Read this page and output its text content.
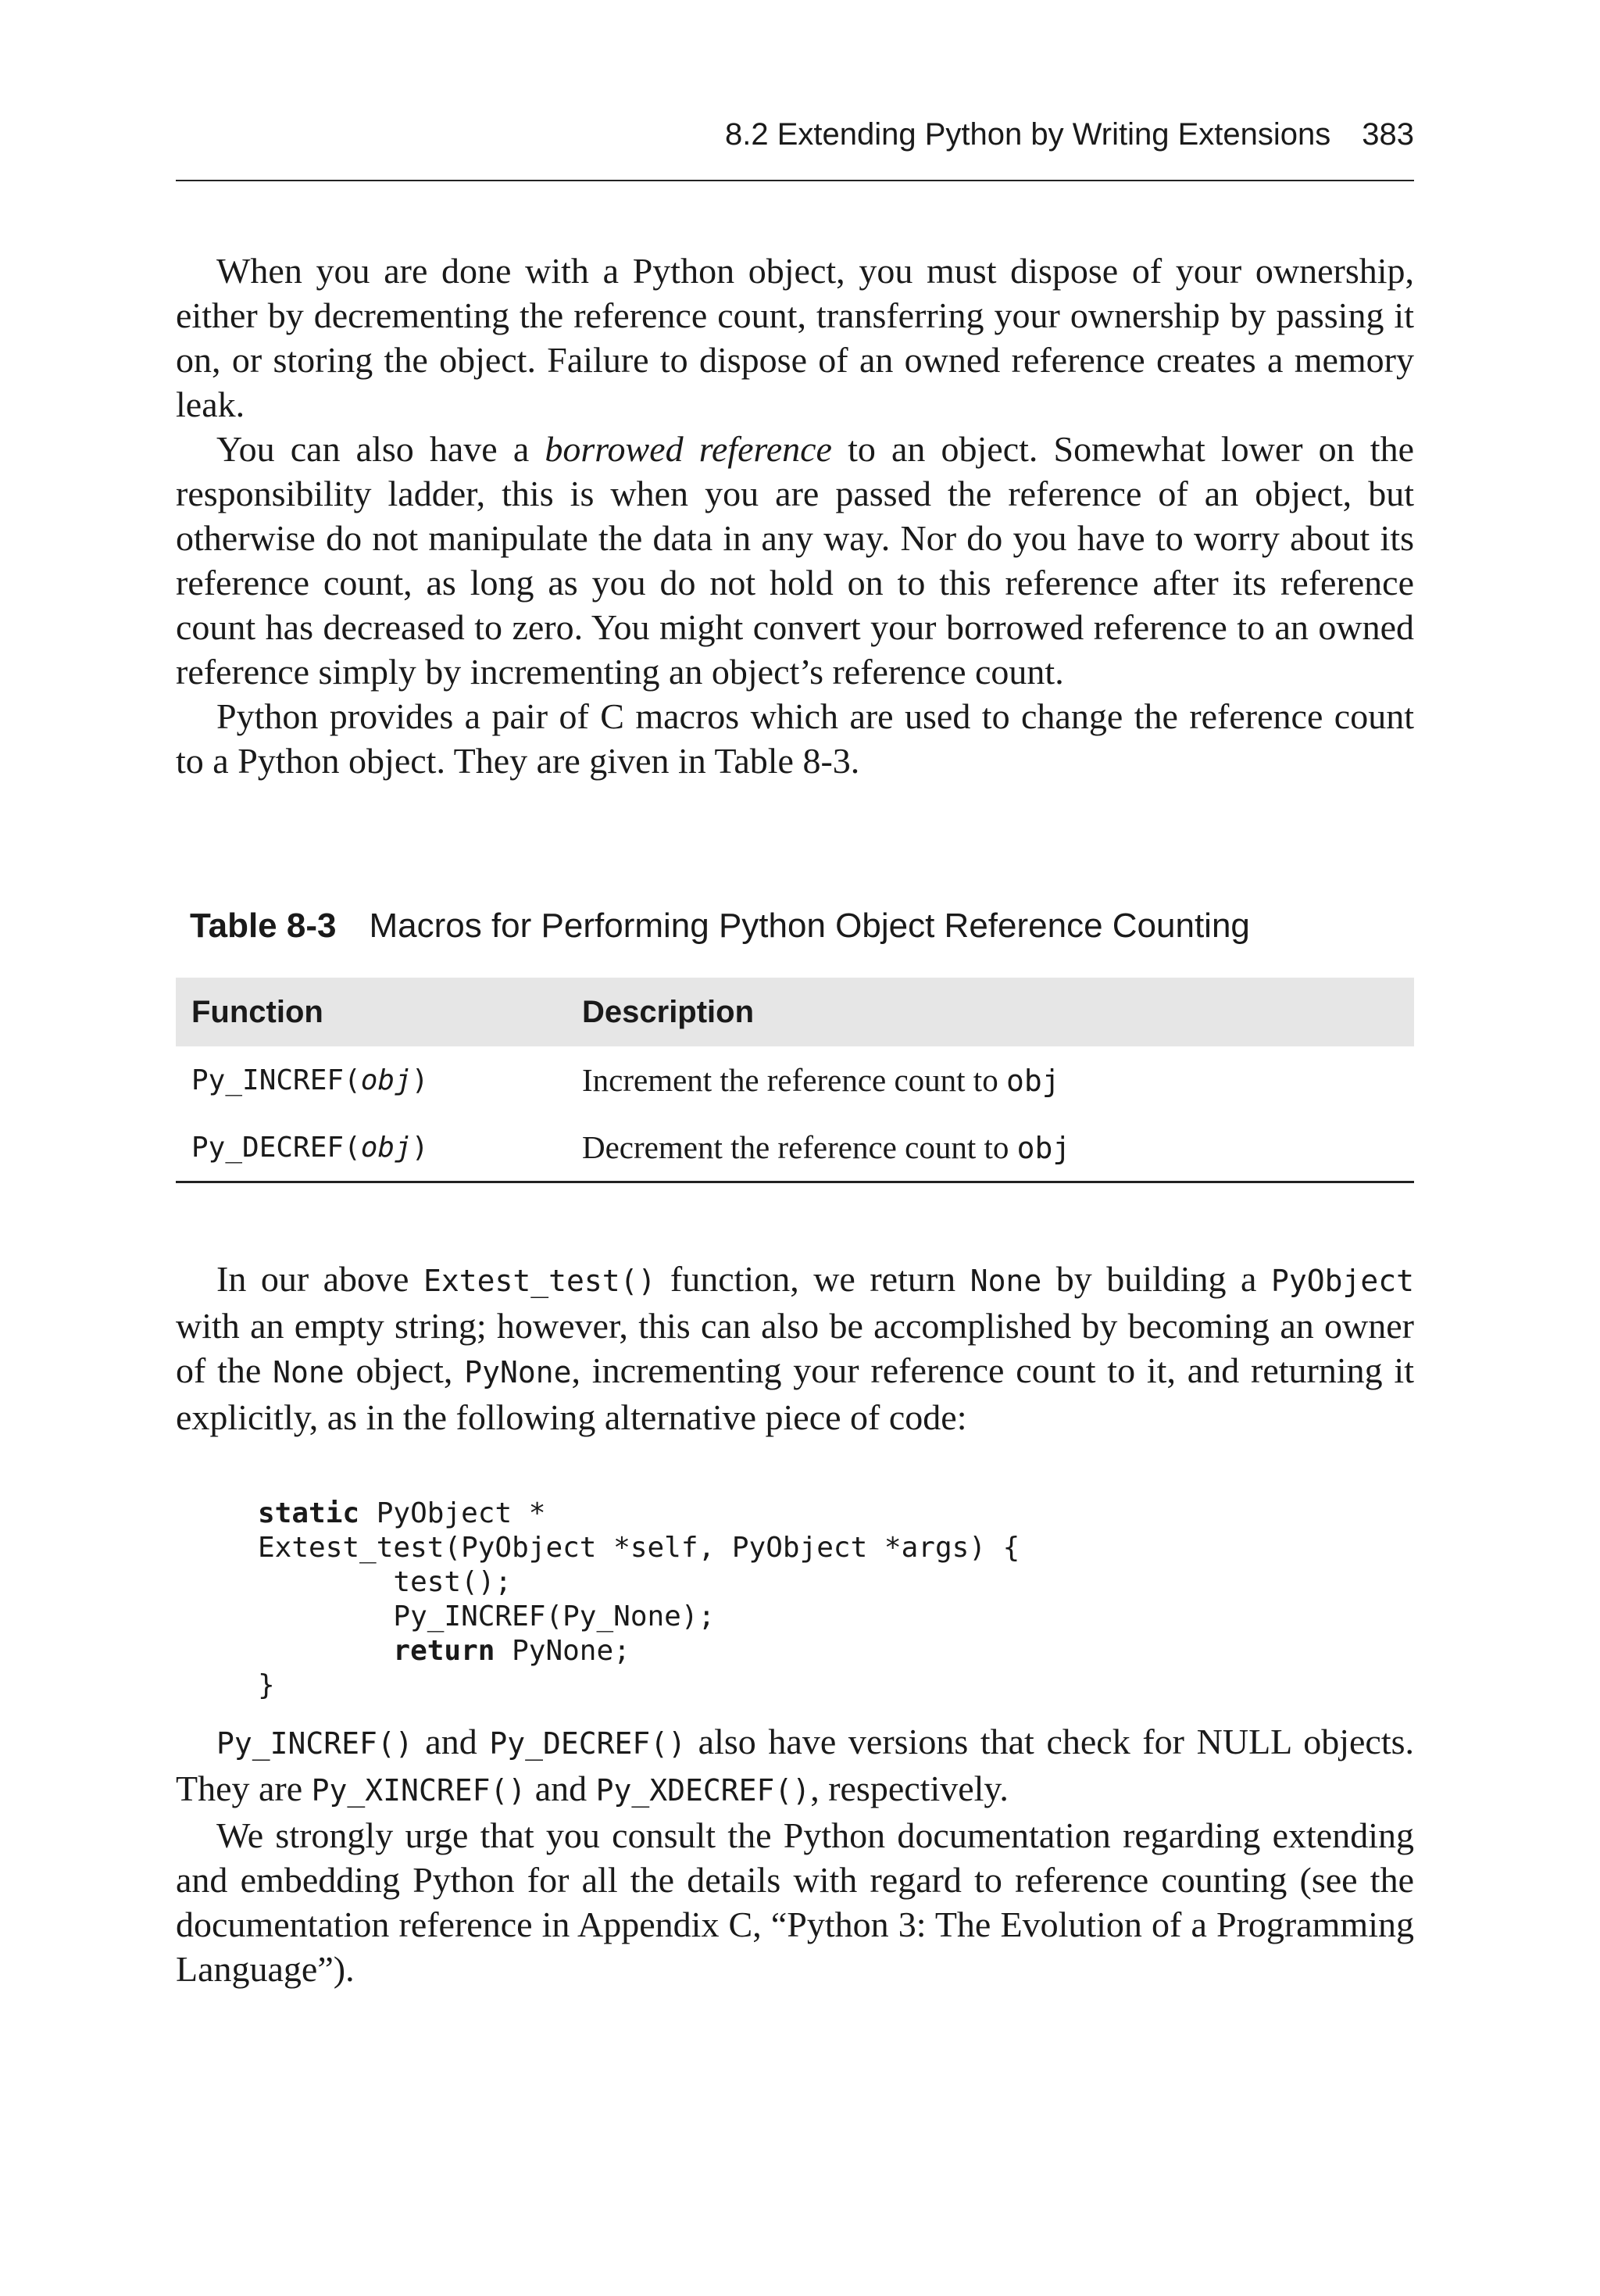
8.2 Extending Python by Writing Extensions 383

When you are done with a Python object, you must dispose of your ownership, either by decrementing the reference count, transferring your ownership by passing it on, or storing the object. Failure to dispose of an owned reference creates a memory leak.

You can also have a borrowed reference to an object. Somewhat lower on the responsibility ladder, this is when you are passed the reference of an object, but otherwise do not manipulate the data in any way. Nor do you have to worry about its reference count, as long as you do not hold on to this reference after its reference count has decreased to zero. You might convert your borrowed reference to an owned reference simply by incrementing an object’s reference count.

Python provides a pair of C macros which are used to change the reference count to a Python object. They are given in Table 8-3.

Table 8-3 Macros for Performing Python Object Reference Counting
Function	Description
Py_INCREF(obj)	Increment the reference count to obj
Py_DECREF(obj)	Decrement the reference count to obj

In our above Extest_test() function, we return None by building a PyObject with an empty string; however, this can also be accomplished by becoming an owner of the None object, PyNone, incrementing your reference count to it, and returning it explicitly, as in the following alternative piece of code:

static PyObject *
Extest_test(PyObject *self, PyObject *args) {
test();
Py_INCREF(Py_None);
return PyNone;
}

Py_INCREF() and Py_DECREF() also have versions that check for NULL objects. They are Py_XINCREF() and Py_XDECREF(), respectively.

We strongly urge that you consult the Python documentation regarding extending and embedding Python for all the details with regard to reference counting (see the documentation reference in Appendix C, “Python 3: The Evolution of a Programming Language”).
